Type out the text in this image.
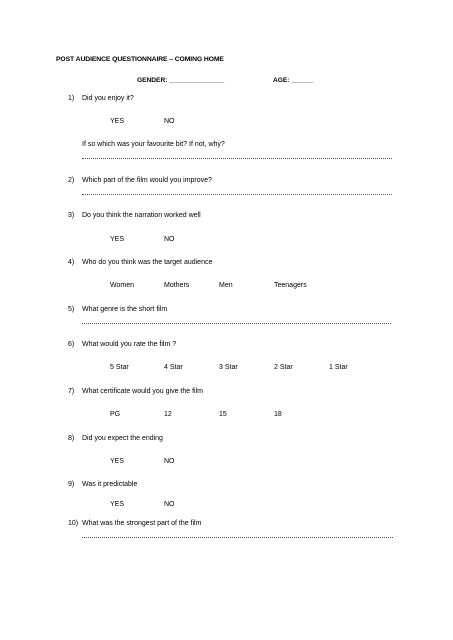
POST AUDIENCE QUESTIONNAIRE – COMING HOME
GENDER: _______________	AGE: ______
1) Did you enjoy it?
YES	NO
If so which was your favourite bit? If not, why?
2) Which part of the film would you improve?
3) Do you think the narration worked well
YES	NO
4) Who do you think was the target audience
Women	Mothers	Men	Teenagers
5) What genre is the short film
6) What would you rate the film ?
5 Star	4 Star	3 Star	2 Star	1 Star
7) What certificate would you give the film
PG	12	15	18
8) Did you expect the ending
YES	NO
9) Was it predictable
YES	NO
10) What was the strongest part of the film
